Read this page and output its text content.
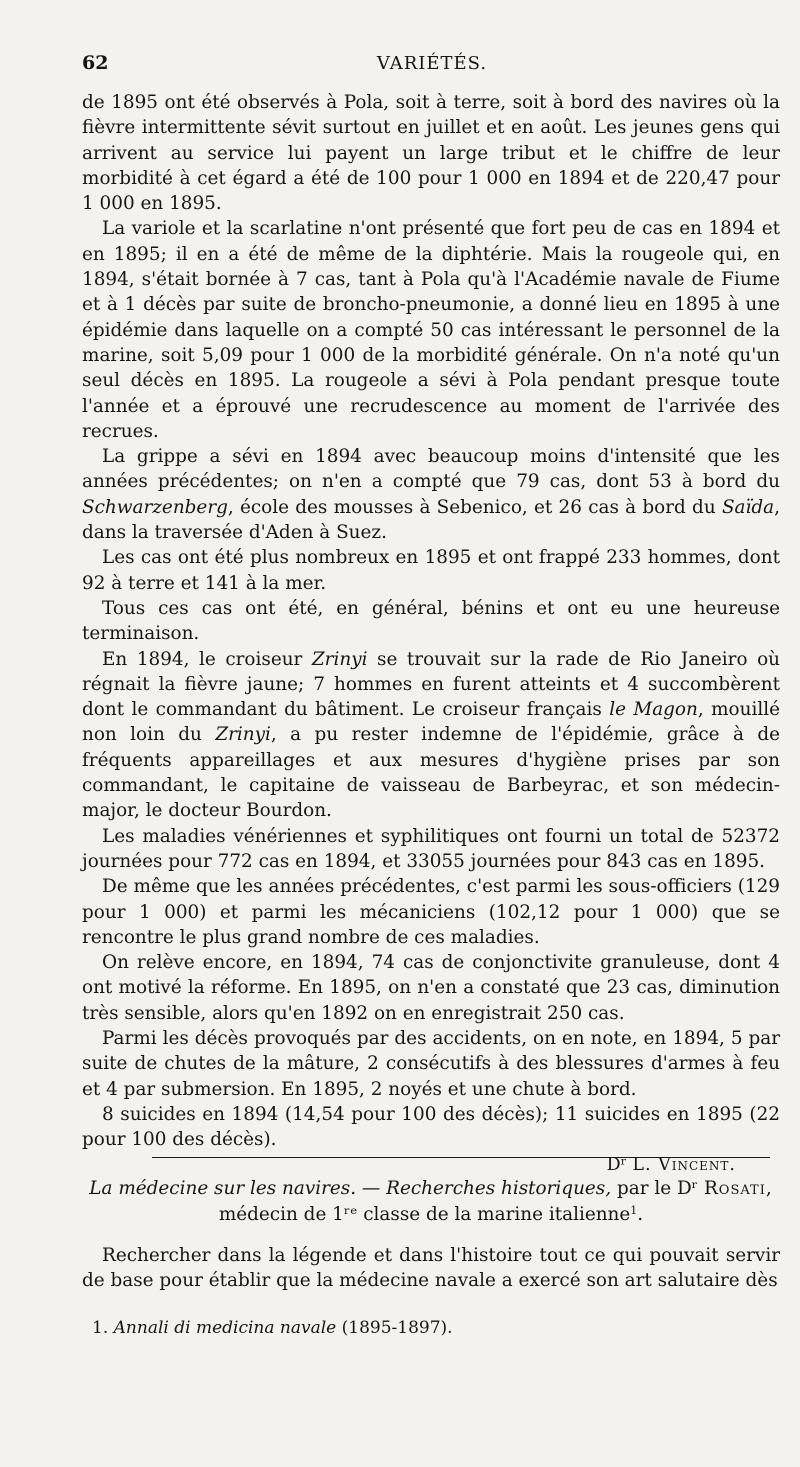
62	VARIÉTÉS.

de 1895 ont été observés à Pola, soit à terre, soit à bord des navires où la fièvre intermittente sévit surtout en juillet et en août. Les jeunes gens qui arrivent au service lui payent un large tribut et le chiffre de leur morbidité à cet égard a été de 100 pour 1 000 en 1894 et de 220,47 pour 1 000 en 1895.

La variole et la scarlatine n'ont présenté que fort peu de cas en 1894 et en 1895; il en a été de même de la diphtérie. Mais la rougeole qui, en 1894, s'était bornée à 7 cas, tant à Pola qu'à l'Académie navale de Fiume et à 1 décès par suite de broncho-pneumonie, a donné lieu en 1895 à une épidémie dans laquelle on a compté 50 cas intéressant le personnel de la marine, soit 5,09 pour 1 000 de la morbidité générale. On n'a noté qu'un seul décès en 1895. La rougeole a sévi à Pola pendant presque toute l'année et a éprouvé une recrudescence au moment de l'arrivée des recrues.

La grippe a sévi en 1894 avec beaucoup moins d'intensité que les années précédentes; on n'en a compté que 79 cas, dont 53 à bord du Schwarzenberg, école des mousses à Sebenico, et 26 cas à bord du Saïda, dans la traversée d'Aden à Suez.

Les cas ont été plus nombreux en 1895 et ont frappé 233 hommes, dont 92 à terre et 141 à la mer.

Tous ces cas ont été, en général, bénins et ont eu une heureuse terminaison.

En 1894, le croiseur Zrinyi se trouvait sur la rade de Rio Janeiro où régnait la fièvre jaune; 7 hommes en furent atteints et 4 succombèrent dont le commandant du bâtiment. Le croiseur français le Magon, mouillé non loin du Zrinyi, a pu rester indemne de l'épidémie, grâce à de fréquents appareillages et aux mesures d'hygiène prises par son commandant, le capitaine de vaisseau de Barbeyrac, et son médecin-major, le docteur Bourdon.

Les maladies vénériennes et syphilitiques ont fourni un total de 52372 journées pour 772 cas en 1894, et 33055 journées pour 843 cas en 1895.

De même que les années précédentes, c'est parmi les sous-officiers (129 pour 1 000) et parmi les mécaniciens (102,12 pour 1 000) que se rencontre le plus grand nombre de ces maladies.

On relève encore, en 1894, 74 cas de conjonctivite granuleuse, dont 4 ont motivé la réforme. En 1895, on n'en a constaté que 23 cas, diminution très sensible, alors qu'en 1892 on en enregistrait 250 cas.

Parmi les décès provoqués par des accidents, on en note, en 1894, 5 par suite de chutes de la mâture, 2 consécutifs à des blessures d'armes à feu et 4 par submersion. En 1895, 2 noyés et une chute à bord.

8 suicides en 1894 (14,54 pour 100 des décès); 11 suicides en 1895 (22 pour 100 des décès).

Dʳ L. Vincent.
La médecine sur les navires. — Recherches historiques, par le Dʳ Rosati,
médecin de 1ʳᵉ classe de la marine italienne$^1$.

Rechercher dans la légende et dans l'histoire tout ce qui pouvait servir de base pour établir que la médecine navale a exercé son art salutaire dès

1. Annali di medicina navale (1895-1897).
